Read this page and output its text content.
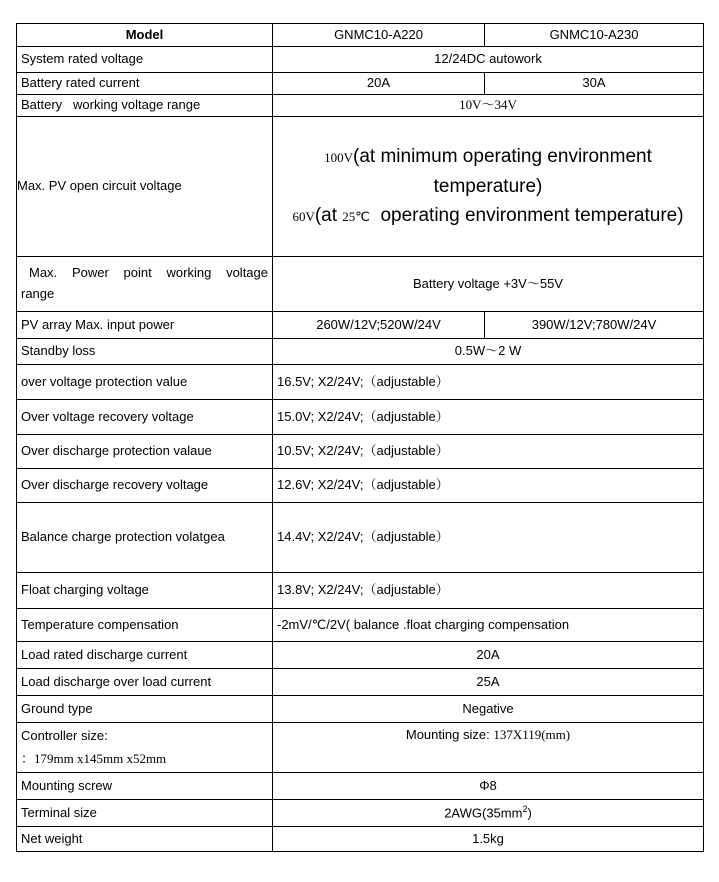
Model	GNMC10-A220	GNMC10-A230
System rated voltage	12/24DC autowork	
Battery rated current	20A	30A
Battery   working voltage range	10V～34V	
Max. PV open circuit voltage	100V(at minimum operating environment temperature)
60V(at 25℃  operating environment temperature)	

Max.  Power  point  working  voltage
range	Battery voltage +3V～55V	
PV array Max. input power	260W/12V;520W/24V	390W/12V;780W/24V
Standby loss	0.5W～2 W	
over voltage protection value	16.5V; X2/24V;（adjustable）	
Over voltage recovery voltage	15.0V; X2/24V;（adjustable）	
Over discharge protection valaue	10.5V; X2/24V;（adjustable）	
Over discharge recovery voltage	12.6V; X2/24V;（adjustable）	
Balance charge protection volatgea	14.4V; X2/24V;（adjustable）	
Float charging voltage	13.8V; X2/24V;（adjustable）	
Temperature compensation	-2mV/℃/2V( balance .float charging compensation	
Load rated discharge current	20A	
Load discharge over load current	25A	
Ground type	Negative	

Controller size:
：179mm x145mm x52mm	Mounting size: 137X119(mm)	
Mounting screw	Φ8	
Terminal size	$2AWG(35mm^2)$	
Net weight	1.5kg	
